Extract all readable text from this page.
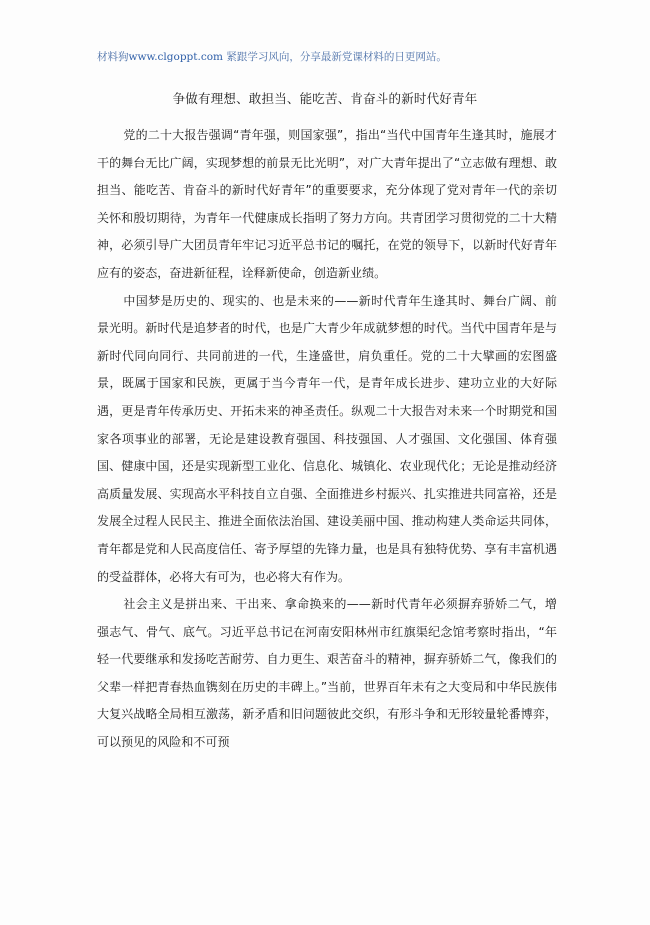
材料狗www.clgoppt.com 紧跟学习风向，分享最新党课材料的日更网站。
争做有理想、敢担当、能吃苦、肯奋斗的新时代好青年

党的二十大报告强调“青年强，则国家强”，指出“当代中国青年生逢其时，施展才干的舞台无比广阔，实现梦想的前景无比光明”，对广大青年提出了“立志做有理想、敢担当、能吃苦、肯奋斗的新时代好青年”的重要要求，充分体现了党对青年一代的亲切关怀和殷切期待，为青年一代健康成长指明了努力方向。共青团学习贯彻党的二十大精神，必须引导广大团员青年牢记习近平总书记的嘱托，在党的领导下，以新时代好青年应有的姿态，奋进新征程，诠释新使命，创造新业绩。

中国梦是历史的、现实的、也是未来的——新时代青年生逢其时、舞台广阔、前景光明。新时代是追梦者的时代，也是广大青少年成就梦想的时代。当代中国青年是与新时代同向同行、共同前进的一代，生逢盛世，肩负重任。党的二十大擘画的宏图盛景，既属于国家和民族，更属于当今青年一代，是青年成长进步、建功立业的大好际遇，更是青年传承历史、开拓未来的神圣责任。纵观二十大报告对未来一个时期党和国家各项事业的部署，无论是建设教育强国、科技强国、人才强国、文化强国、体育强国、健康中国，还是实现新型工业化、信息化、城镇化、农业现代化；无论是推动经济高质量发展、实现高水平科技自立自强、全面推进乡村振兴、扎实推进共同富裕，还是发展全过程人民民主、推进全面依法治国、建设美丽中国、推动构建人类命运共同体，青年都是党和人民高度信任、寄予厚望的先锋力量，也是具有独特优势、享有丰富机遇的受益群体，必将大有可为，也必将大有作为。

社会主义是拼出来、干出来、拿命换来的——新时代青年必须摒弃骄娇二气，增强志气、骨气、底气。习近平总书记在河南安阳林州市红旗渠纪念馆考察时指出，“年轻一代要继承和发扬吃苦耐劳、自力更生、艰苦奋斗的精神，摒弃骄娇二气，像我们的父辈一样把青春热血镌刻在历史的丰碑上。”当前，世界百年未有之大变局和中华民族伟大复兴战略全局相互激荡，新矛盾和旧问题彼此交织，有形斗争和无形较量轮番博弈，可以预见的风险和不可预
